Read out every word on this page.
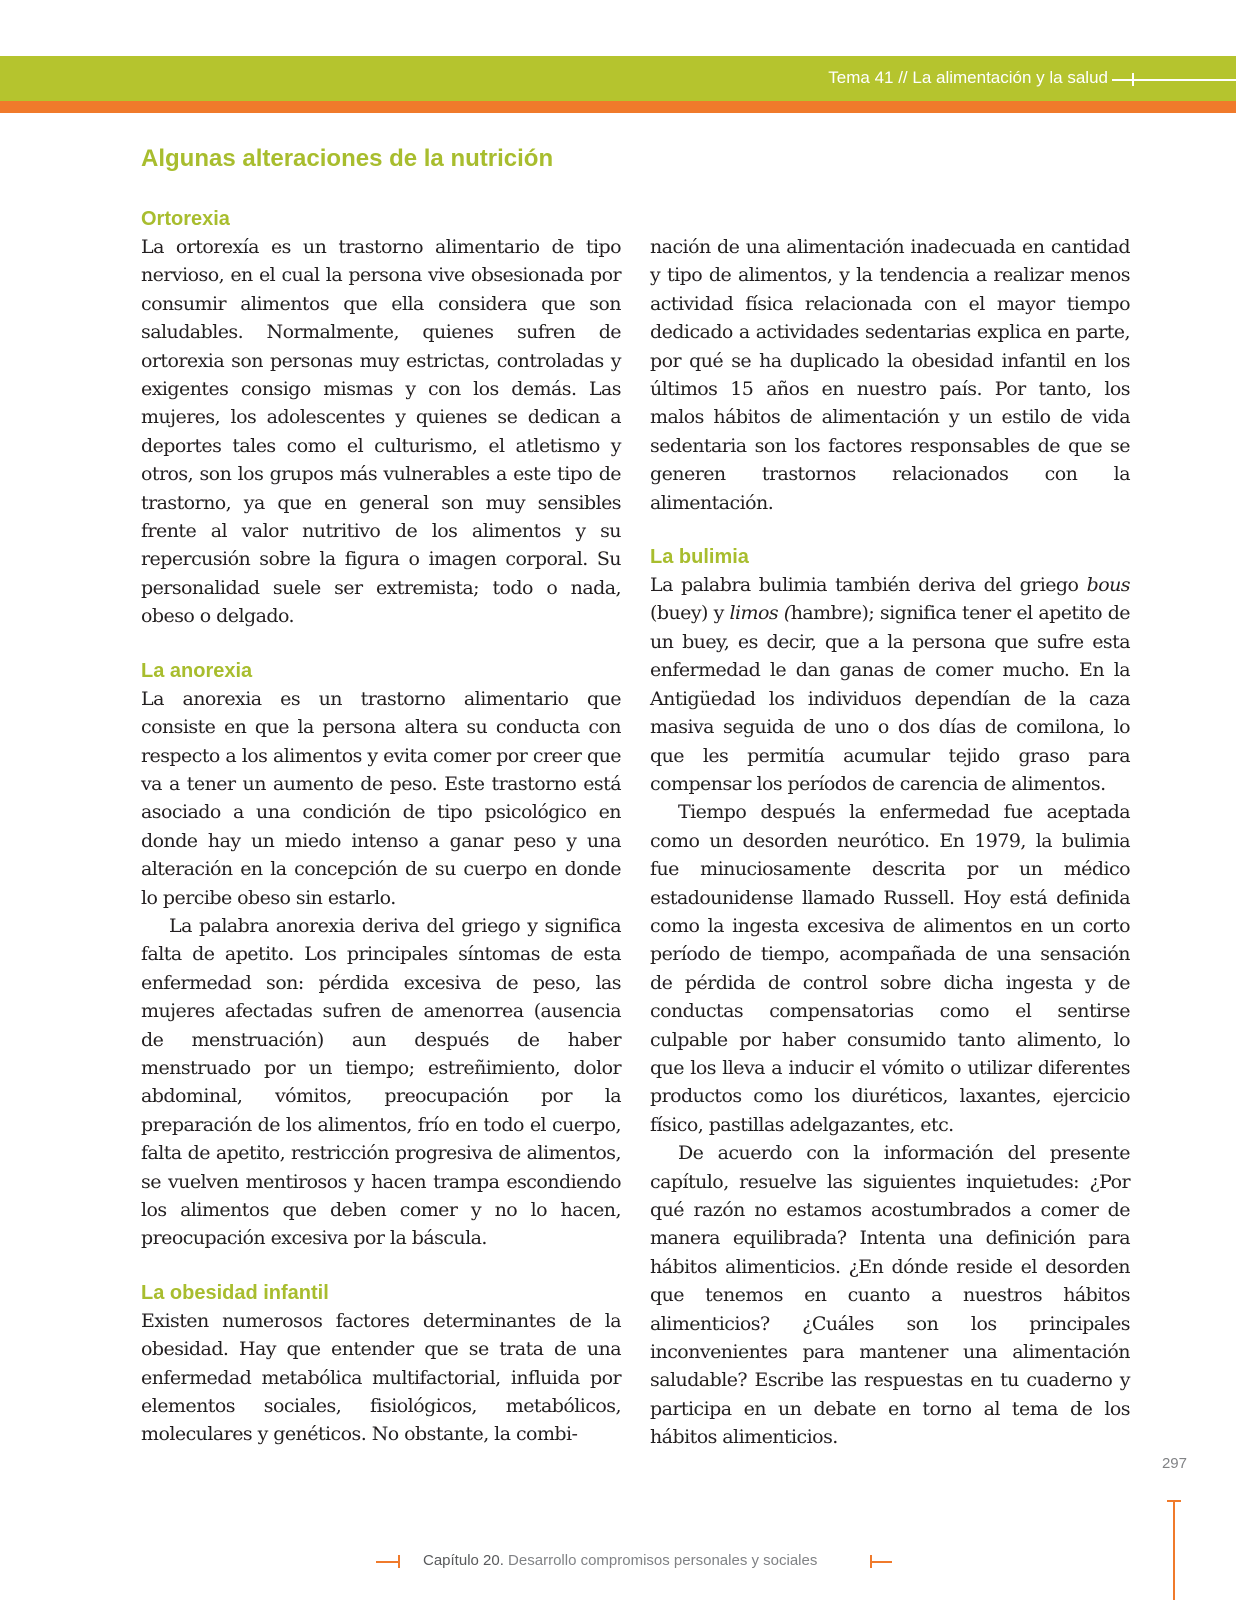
Tema 41 // La alimentación y la salud
Algunas alteraciones de la nutrición
Ortorexia

La ortorexía es un trastorno alimentario de tipo nervioso, en el cual la persona vive obsesionada por consumir alimentos que ella considera que son saludables. Normalmente, quienes sufren de ortorexia son personas muy estrictas, controladas y exigentes consigo mismas y con los demás. Las mujeres, los adolescentes y quienes se dedican a deportes tales como el culturismo, el atletismo y otros, son los grupos más vulnerables a este tipo de trastorno, ya que en general son muy sensibles frente al valor nutritivo de los alimentos y su repercusión sobre la figura o imagen corporal. Su personalidad suele ser extremista; todo o nada, obeso o delgado.

La anorexia

La anorexia es un trastorno alimentario que consiste en que la persona altera su conducta con respecto a los alimentos y evita comer por creer que va a tener un aumento de peso. Este trastorno está asociado a una condición de tipo psicológico en donde hay un miedo intenso a ganar peso y una alteración en la concepción de su cuerpo en donde lo percibe obeso sin estarlo.

La palabra anorexia deriva del griego y significa falta de apetito. Los principales síntomas de esta enfermedad son: pérdida excesiva de peso, las mujeres afectadas sufren de amenorrea (ausencia de menstruación) aun después de haber menstruado por un tiempo; estreñimiento, dolor abdominal, vómitos, preocupación por la preparación de los alimentos, frío en todo el cuerpo, falta de apetito, restricción progresiva de alimentos, se vuelven mentirosos y hacen trampa escondiendo los alimentos que deben comer y no lo hacen, preocupación excesiva por la báscula.

La obesidad infantil

Existen numerosos factores determinantes de la obesidad. Hay que entender que se trata de una enfermedad metabólica multifactorial, influida por elementos sociales, fisiológicos, metabólicos, moleculares y genéticos. No obstante, la combi-

nación de una alimentación inadecuada en cantidad y tipo de alimentos, y la tendencia a realizar menos actividad física relacionada con el mayor tiempo dedicado a actividades sedentarias explica en parte, por qué se ha duplicado la obesidad infantil en los últimos 15 años en nuestro país. Por tanto, los malos hábitos de alimentación y un estilo de vida sedentaria son los factores responsables de que se generen trastornos relacionados con la alimentación.

La bulimia

La palabra bulimia también deriva del griego bous (buey) y limos (hambre); significa tener el apetito de un buey, es decir, que a la persona que sufre esta enfermedad le dan ganas de comer mucho. En la Antigüedad los individuos dependían de la caza masiva seguida de uno o dos días de comilona, lo que les permitía acumular tejido graso para compensar los períodos de carencia de alimentos.

Tiempo después la enfermedad fue aceptada como un desorden neurótico. En 1979, la bulimia fue minuciosamente descrita por un médico estadounidense llamado Russell. Hoy está definida como la ingesta excesiva de alimentos en un corto período de tiempo, acompañada de una sensación de pérdida de control sobre dicha ingesta y de conductas compensatorias como el sentirse culpable por haber consumido tanto alimento, lo que los lleva a inducir el vómito o utilizar diferentes productos como los diuréticos, laxantes, ejercicio físico, pastillas adelgazantes, etc.

De acuerdo con la información del presente capítulo, resuelve las siguientes inquietudes: ¿Por qué razón no estamos acostumbrados a comer de manera equilibrada? Intenta una definición para hábitos alimenticios. ¿En dónde reside el desorden que tenemos en cuanto a nuestros hábitos alimenticios? ¿Cuáles son los principales inconvenientes para mantener una alimentación saludable? Escribe las respuestas en tu cuaderno y participa en un debate en torno al tema de los hábitos alimenticios.

297
Capítulo 20. Desarrollo compromisos personales y sociales
